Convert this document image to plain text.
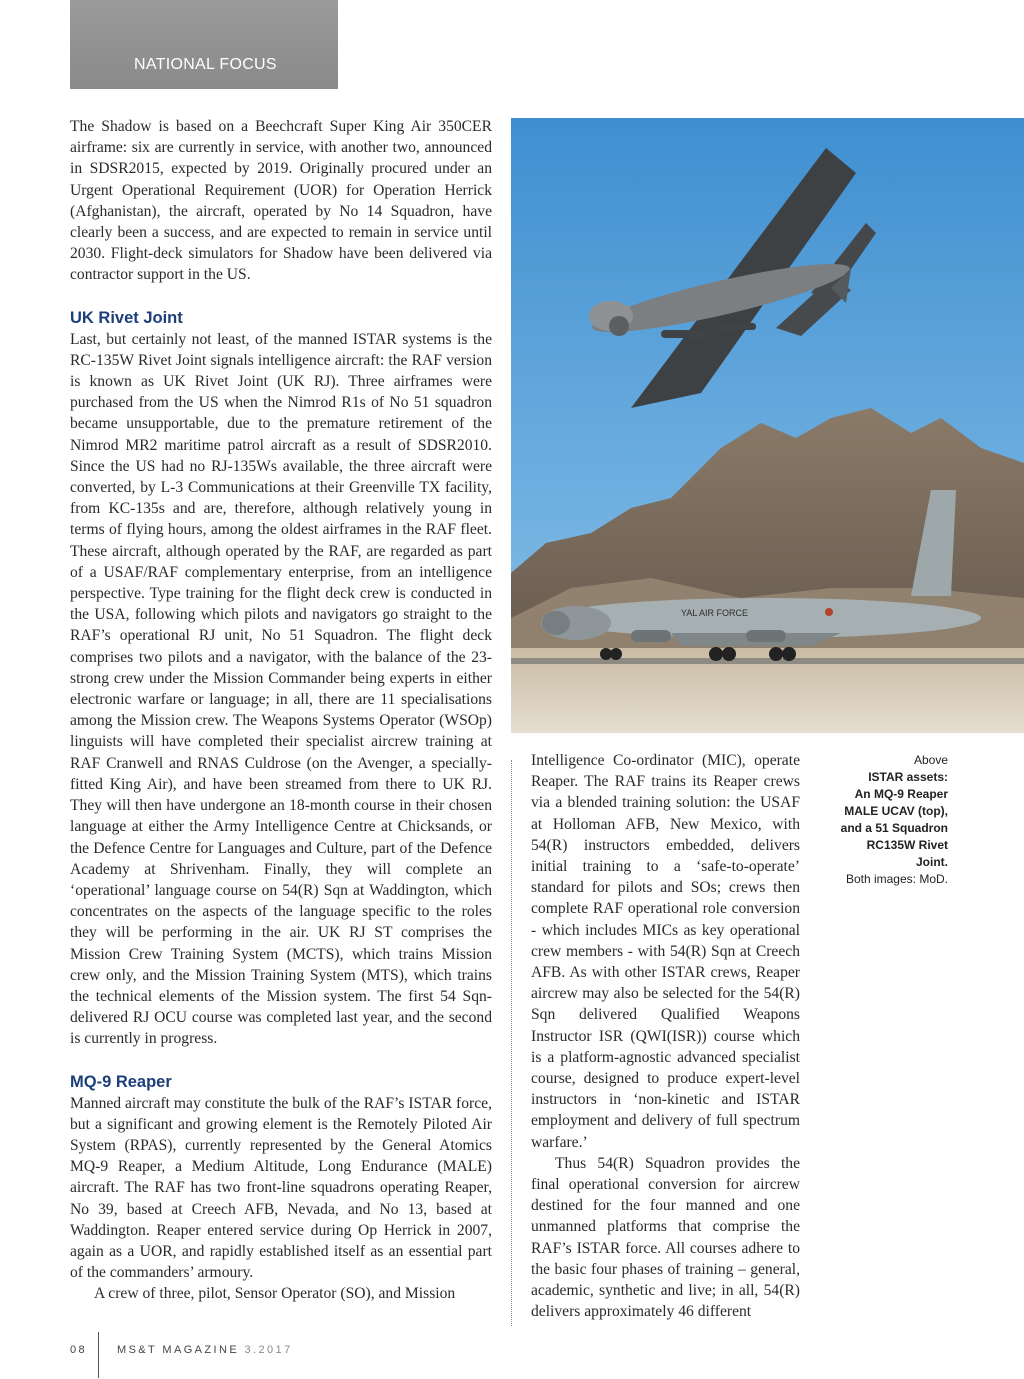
NATIONAL FOCUS

The Shadow is based on a Beechcraft Super King Air 350CER airframe: six are currently in service, with another two, announced in SDSR2015, expected by 2019. Originally procured under an Urgent Operational Requirement (UOR) for Operation Herrick (Afghanistan), the aircraft, operated by No 14 Squadron, have clearly been a success, and are expected to remain in service until 2030. Flight-deck simulators for Shadow have been delivered via contractor support in the US.

UK Rivet Joint

Last, but certainly not least, of the manned ISTAR systems is the RC-135W Rivet Joint signals intelligence aircraft: the RAF version is known as UK Rivet Joint (UK RJ). Three airframes were purchased from the US when the Nimrod R1s of No 51 squadron became unsupportable, due to the premature retirement of the Nimrod MR2 maritime patrol aircraft as a result of SDSR2010. Since the US had no RJ-135Ws available, the three aircraft were converted, by L-3 Communications at their Greenville TX facility, from KC-135s and are, therefore, although relatively young in terms of flying hours, among the oldest airframes in the RAF fleet. These aircraft, although operated by the RAF, are regarded as part of a USAF/RAF complementary enterprise, from an intelligence perspective. Type training for the flight deck crew is conducted in the USA, following which pilots and navigators go straight to the RAF’s operational RJ unit, No 51 Squadron. The flight deck comprises two pilots and a navigator, with the balance of the 23-strong crew under the Mission Commander being experts in either electronic warfare or language; in all, there are 11 specialisations among the Mission crew. The Weapons Systems Operator (WSOp) linguists will have completed their specialist aircrew training at RAF Cranwell and RNAS Culdrose (on the Avenger, a specially-fitted King Air), and have been streamed from there to UK RJ. They will then have undergone an 18-month course in their chosen language at either the Army Intelligence Centre at Chicksands, or the Defence Centre for Languages and Culture, part of the Defence Academy at Shrivenham. Finally, they will complete an ‘operational’ language course on 54(R) Sqn at Waddington, which concentrates on the aspects of the language specific to the roles they will be performing in the air. UK RJ ST comprises the Mission Crew Training System (MCTS), which trains Mission crew only, and the Mission Training System (MTS), which trains the technical elements of the Mission system. The first 54 Sqn-delivered RJ OCU course was completed last year, and the second is currently in progress.

MQ-9 Reaper

Manned aircraft may constitute the bulk of the RAF’s ISTAR force, but a significant and growing element is the Remotely Piloted Air System (RPAS), currently represented by the General Atomics MQ-9 Reaper, a Medium Altitude, Long Endurance (MALE) aircraft. The RAF has two front-line squadrons operating Reaper, No 39, based at Creech AFB, Nevada, and No 13, based at Waddington. Reaper entered service during Op Herrick in 2007, again as a UOR, and rapidly established itself as an essential part of the commanders’ armoury.

A crew of three, pilot, Sensor Operator (SO), and Mission

YAL AIR FORCE

Intelligence Co-ordinator (MIC), operate Reaper. The RAF trains its Reaper crews via a blended training solution: the USAF at Holloman AFB, New Mexico, with 54(R) instructors embedded, delivers initial training to a ‘safe-to-operate’ standard for pilots and SOs; crews then complete RAF operational role conversion - which includes MICs as key operational crew members - with 54(R) Sqn at Creech AFB. As with other ISTAR crews, Reaper aircrew may also be selected for the 54(R) Sqn delivered Qualified Weapons Instructor ISR (QWI(ISR)) course which is a platform-agnostic advanced specialist course, designed to produce expert-level instructors in ‘non-kinetic and ISTAR employment and delivery of full spectrum warfare.’

Thus 54(R) Squadron provides the final operational conversion for aircrew destined for the four manned and one unmanned platforms that comprise the RAF’s ISTAR force. All courses adhere to the basic four phases of training – general, academic, synthetic and live; in all, 54(R) delivers approximately 46 different

Above
ISTAR assets:
An MQ-9 Reaper
MALE UCAV (top),
and a 51 Squadron
RC135W Rivet
Joint.
Both images: MoD.
08	MS&T MAGAZINE 3.2017
